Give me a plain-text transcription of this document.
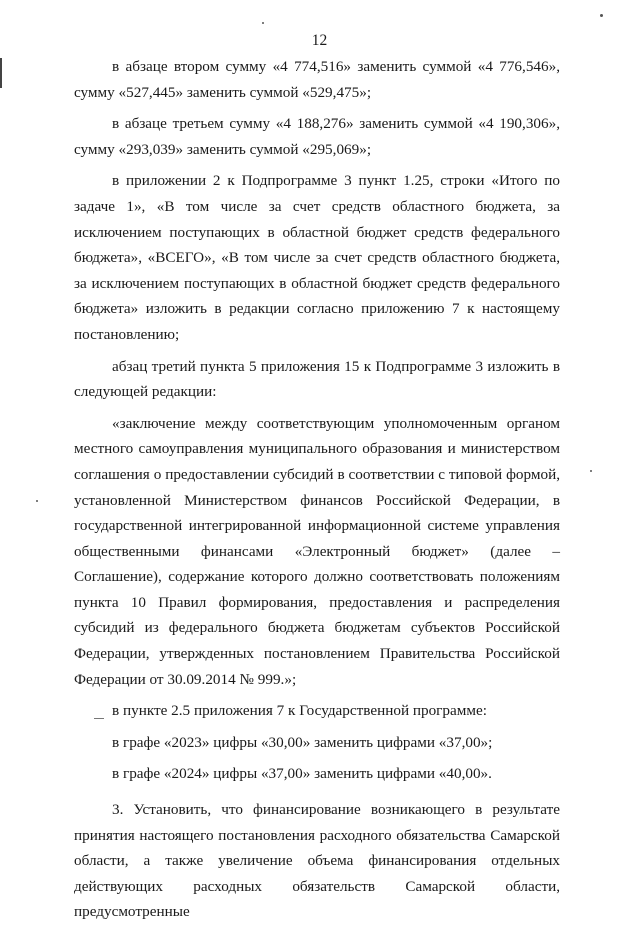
12

в абзаце втором сумму «4 774,516» заменить суммой «4 776,546», сумму «527,445» заменить суммой «529,475»;

в абзаце третьем сумму «4 188,276» заменить суммой «4 190,306», сумму «293,039» заменить суммой «295,069»;

в приложении 2 к Подпрограмме 3 пункт 1.25, строки «Итого по задаче 1», «В том числе за счет средств областного бюджета, за исключением поступающих в областной бюджет средств федерального бюджета», «ВСЕГО», «В том числе за счет средств областного бюджета, за исключением поступающих в областной бюджет средств федерального бюджета» изложить в редакции согласно приложению 7 к настоящему постановлению;

абзац третий пункта 5 приложения 15 к Подпрограмме 3 изложить в следующей редакции:

«заключение между соответствующим уполномоченным органом местного самоуправления муниципального образования и министерством соглашения о предоставлении субсидий в соответствии с типовой формой, установленной Министерством финансов Российской Федерации, в государственной интегрированной информационной системе управления общественными финансами «Электронный бюджет» (далее – Соглашение), содержание которого должно соответствовать положениям пункта 10 Правил формирования, предоставления и распределения субсидий из федерального бюджета бюджетам субъектов Российской Федерации, утвержденных постановлением Правительства Российской Федерации от 30.09.2014 № 999.»;

в пункте 2.5 приложения 7 к Государственной программе:

в графе «2023» цифры «30,00» заменить цифрами «37,00»;

в графе «2024» цифры «37,00» заменить цифрами «40,00».

3. Установить, что финансирование возникающего в результате принятия настоящего постановления расходного обязательства Самарской области, а также увеличение объема финансирования отдельных действующих расходных обязательств Самарской области, предусмотренные
